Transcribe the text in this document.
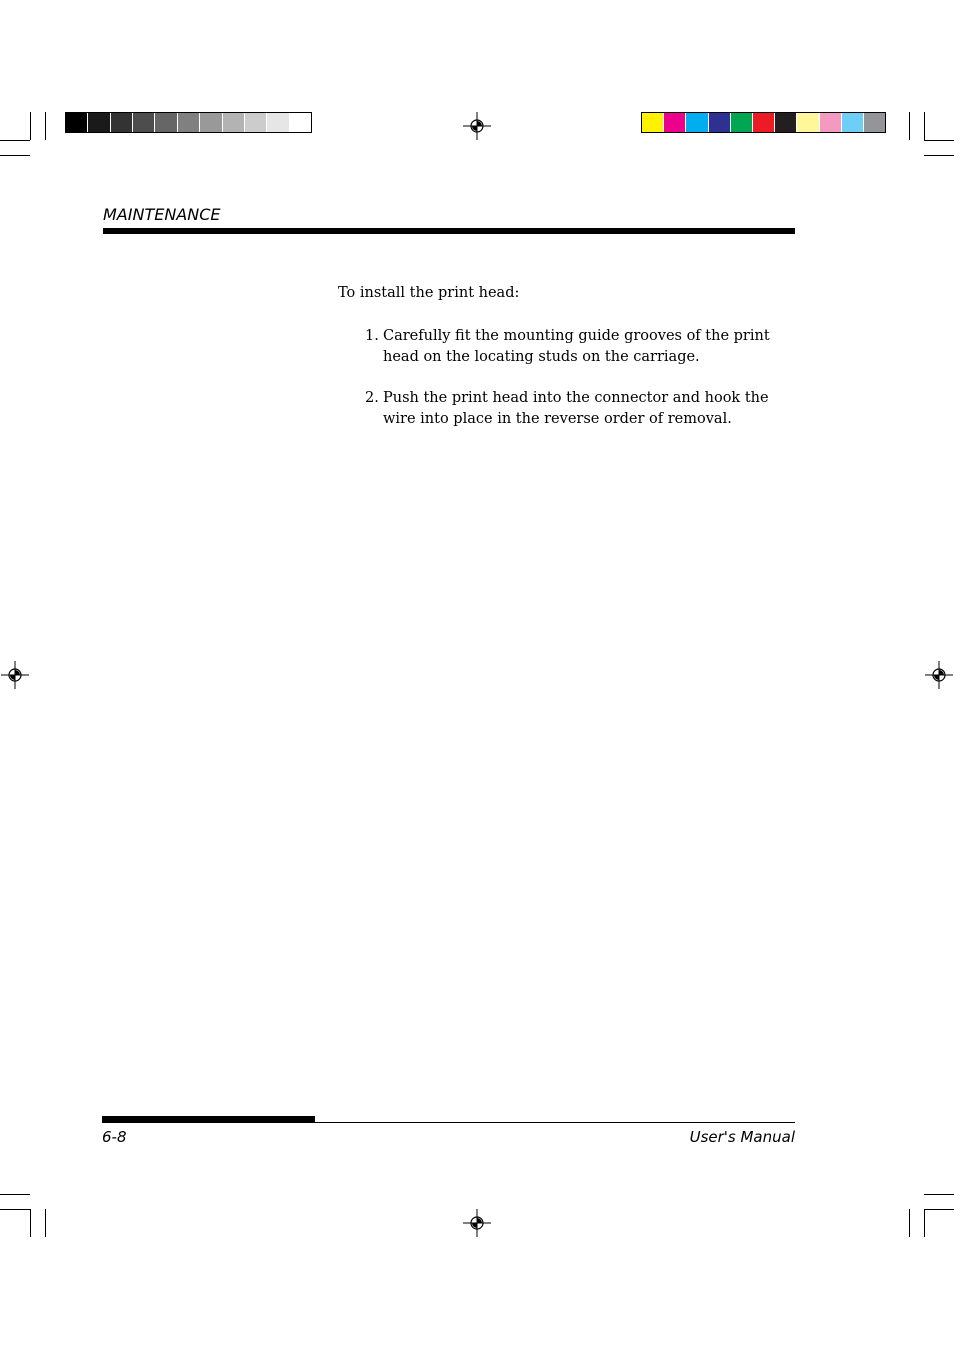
MAINTENANCE
To install the print head:
1. Carefully fit the mounting guide grooves of the print head on the locating studs on the carriage.
2. Push the print head into the connector and hook the wire into place in the reverse order of removal.
6-8	User's Manual
